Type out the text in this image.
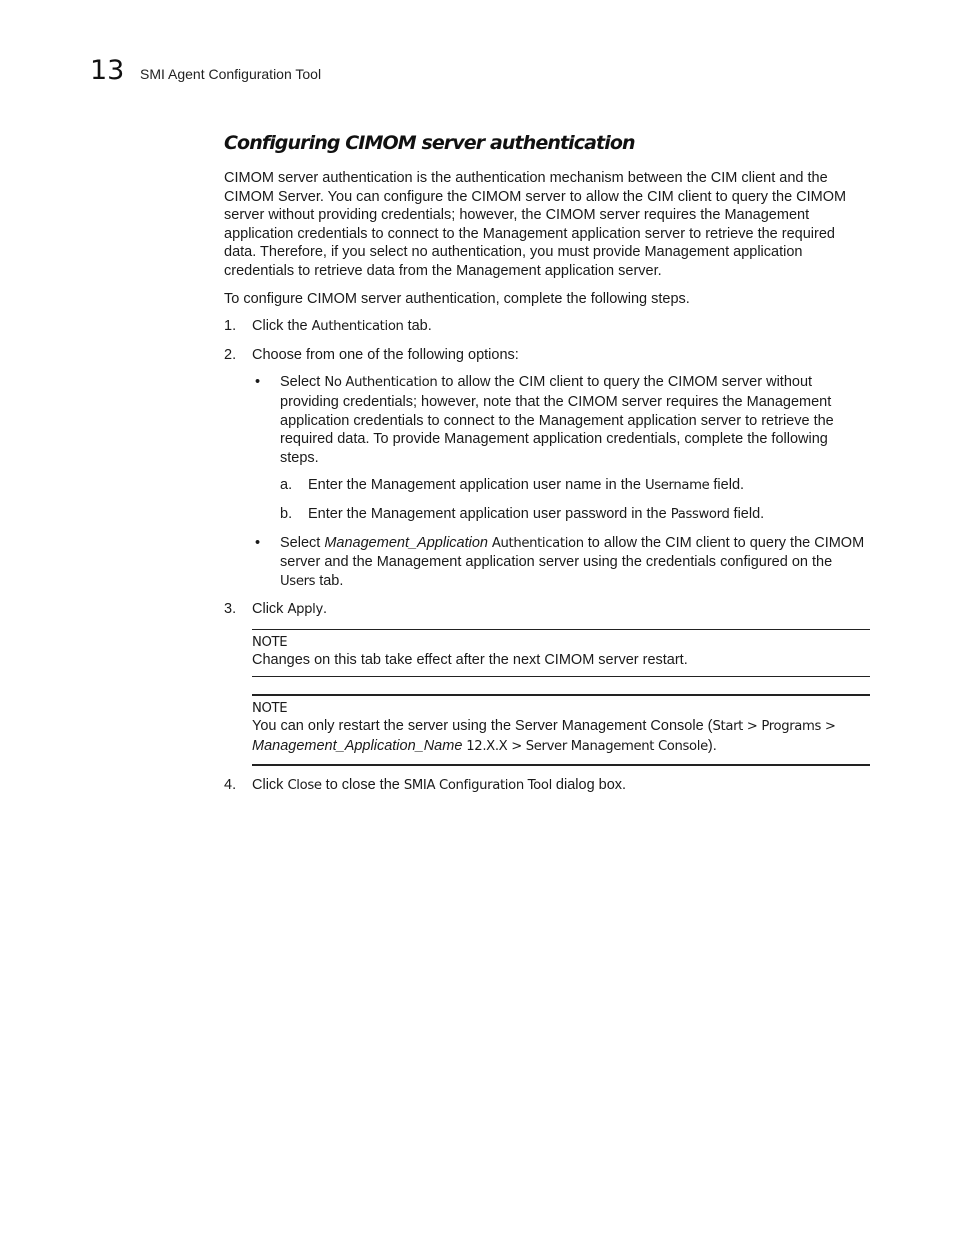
13 SMI Agent Configuration Tool
Configuring CIMOM server authentication

CIMOM server authentication is the authentication mechanism between the CIM client and the CIMOM Server. You can configure the CIMOM server to allow the CIM client to query the CIMOM server without providing credentials; however, the CIMOM server requires the Management application credentials to connect to the Management application server to retrieve the required data. Therefore, if you select no authentication, you must provide Management application credentials to retrieve data from the Management application server.

To configure CIMOM server authentication, complete the following steps.

1. Click the Authentication tab.

2. Choose from one of the following options:

• Select No Authentication to allow the CIM client to query the CIMOM server without providing credentials; however, note that the CIMOM server requires the Management application credentials to connect to the Management application server to retrieve the required data. To provide Management application credentials, complete the following steps.

a. Enter the Management application user name in the Username field.

b. Enter the Management application user password in the Password field.

• Select Management_Application Authentication to allow the CIM client to query the CIMOM server and the Management application server using the credentials configured on the Users tab.

3. Click Apply.

NOTE

Changes on this tab take effect after the next CIMOM server restart.

NOTE

You can only restart the server using the Server Management Console (Start > Programs >
Management_Application_Name 12.X.X > Server Management Console).

4. Click Close to close the SMIA Configuration Tool dialog box.
